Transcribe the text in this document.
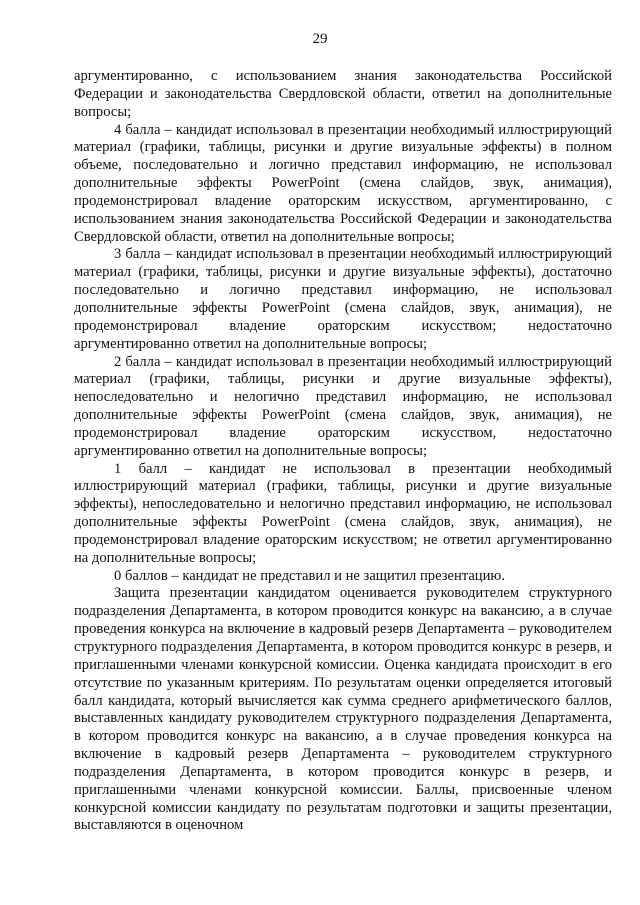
29

аргументированно, с использованием знания законодательства Российской Федерации и законодательства Свердловской области, ответил на дополнительные вопросы;

4 балла – кандидат использовал в презентации необходимый иллюстрирующий материал (графики, таблицы, рисунки и другие визуальные эффекты) в полном объеме, последовательно и логично представил информацию, не использовал дополнительные эффекты PowerPoint (смена слайдов, звук, анимация), продемонстрировал владение ораторским искусством, аргументированно, с использованием знания законодательства Российской Федерации и законодательства Свердловской области, ответил на дополнительные вопросы;

3 балла – кандидат использовал в презентации необходимый иллюстрирующий материал (графики, таблицы, рисунки и другие визуальные эффекты), достаточно последовательно и логично представил информацию, не использовал дополнительные эффекты PowerPoint (смена слайдов, звук, анимация), не продемонстрировал владение ораторским искусством; недостаточно аргументированно ответил на дополнительные вопросы;

2 балла – кандидат использовал в презентации необходимый иллюстрирующий материал (графики, таблицы, рисунки и другие визуальные эффекты), непоследовательно и нелогично представил информацию, не использовал дополнительные эффекты PowerPoint (смена слайдов, звук, анимация), не продемонстрировал владение ораторским искусством, недостаточно аргументированно ответил на дополнительные вопросы;

1 балл – кандидат не использовал в презентации необходимый иллюстрирующий материал (графики, таблицы, рисунки и другие визуальные эффекты), непоследовательно и нелогично представил информацию, не использовал дополнительные эффекты PowerPoint (смена слайдов, звук, анимация), не продемонстрировал владение ораторским искусством; не ответил аргументированно на дополнительные вопросы;

0 баллов – кандидат не представил и не защитил презентацию.

Защита презентации кандидатом оценивается руководителем структурного подразделения Департамента, в котором проводится конкурс на вакансию, а в случае проведения конкурса на включение в кадровый резерв Департамента – руководителем структурного подразделения Департамента, в котором проводится конкурс в резерв, и приглашенными членами конкурсной комиссии. Оценка кандидата происходит в его отсутствие по указанным критериям. По результатам оценки определяется итоговый балл кандидата, который вычисляется как сумма среднего арифметического баллов, выставленных кандидату руководителем структурного подразделения Департамента, в котором проводится конкурс на вакансию, а в случае проведения конкурса на включение в кадровый резерв Департамента – руководителем структурного подразделения Департамента, в котором проводится конкурс в резерв, и приглашенными членами конкурсной комиссии. Баллы, присвоенные членом конкурсной комиссии кандидату по результатам подготовки и защиты презентации, выставляются в оценочном
